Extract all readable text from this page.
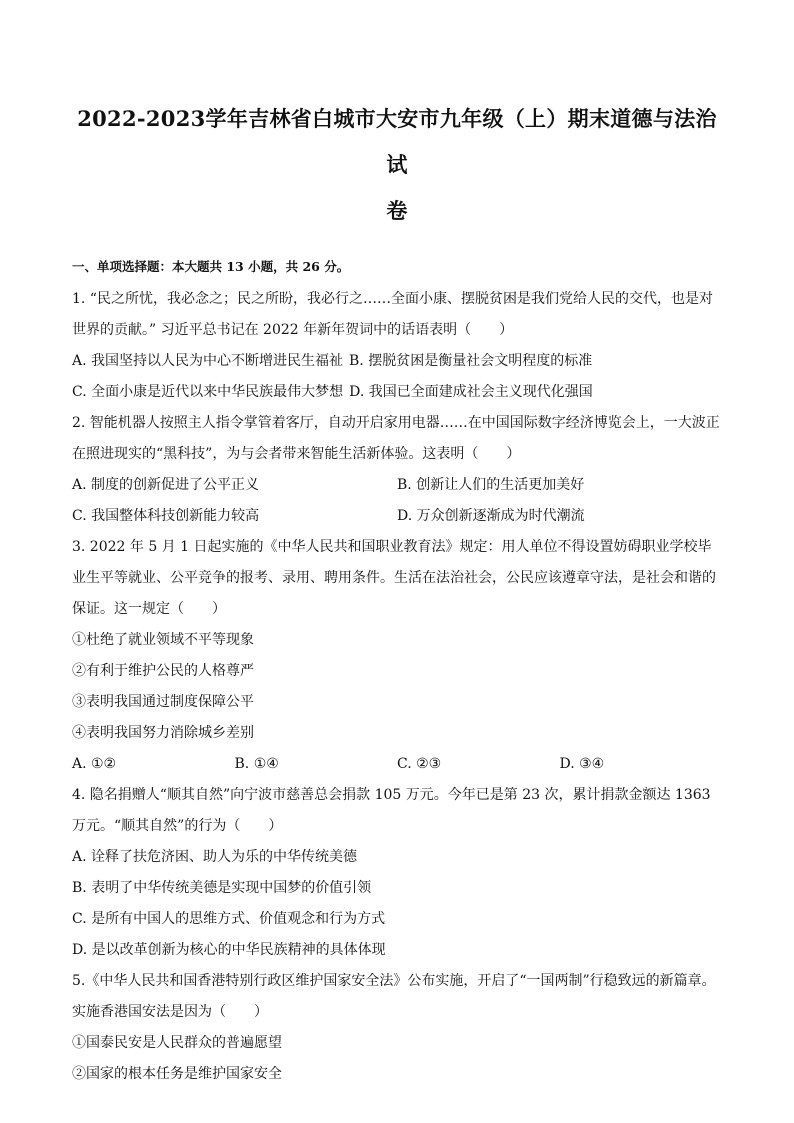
2022-2023学年吉林省白城市大安市九年级（上）期末道德与法治试
卷
一、单项选择题：本大题共 13 小题，共 26 分。

1. “民之所忧，我必念之；民之所盼，我必行之……全面小康、摆脱贫困是我们党给人民的交代，也是对世界的贡献。” 习近平总书记在 2022 年新年贺词中的话语表明（　　）

A. 我国坚持以人民为中心不断增进民生福祉 B. 摆脱贫困是衡量社会文明程度的标准
C. 全面小康是近代以来中华民族最伟大梦想 D. 我国已全面建成社会主义现代化强国

2. 智能机器人按照主人指令掌管着客厅，自动开启家用电器……在中国国际数字经济博览会上，一大波正在照进现实的“黑科技”，为与会者带来智能生活新体验。这表明（　　）

A. 制度的创新促进了公平正义	B. 创新让人们的生活更加美好
C. 我国整体科技创新能力较高	D. 万众创新逐渐成为时代潮流

3. 2022 年 5 月 1 日起实施的《中华人民共和国职业教育法》规定：用人单位不得设置妨碍职业学校毕业生平等就业、公平竞争的报考、录用、聘用条件。生活在法治社会，公民应该遵章守法，是社会和谐的保证。这一规定（　　）

①杜绝了就业领域不平等现象
②有利于维护公民的人格尊严
③表明我国通过制度保障公平
④表明我国努力消除城乡差别
A. ①②	B. ①④	C. ②③	D. ③④

4. 隐名捐赠人“顺其自然”向宁波市慈善总会捐款 105 万元。今年已是第 23 次，累计捐款金额达 1363 万元。“顺其自然”的行为（　　）

A. 诠释了扶危济困、助人为乐的中华传统美德
B. 表明了中华传统美德是实现中国梦的价值引领
C. 是所有中国人的思维方式、价值观念和行为方式
D. 是以改革创新为核心的中华民族精神的具体体现

5.《中华人民共和国香港特别行政区维护国家安全法》公布实施，开启了“一国两制”行稳致远的新篇章。实施香港国安法是因为（　　）

①国泰民安是人民群众的普遍愿望
②国家的根本任务是维护国家安全
